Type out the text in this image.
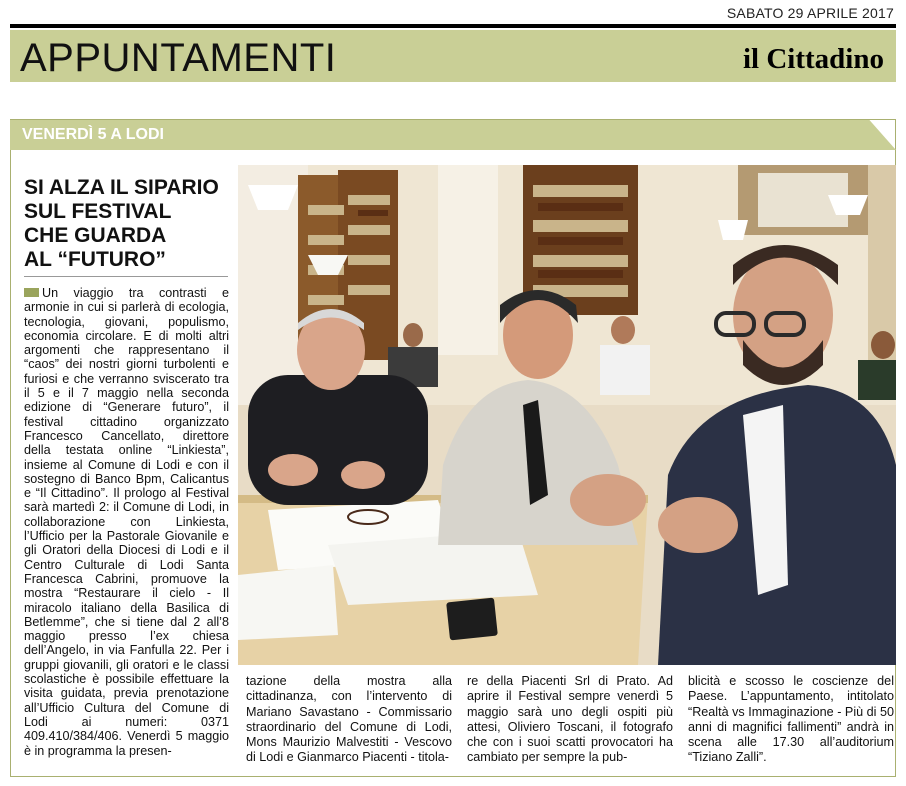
SABATO 29 APRILE 2017
APPUNTAMENTI	il Cittadino
VENERDÌ 5 A LODI
SI ALZA IL SIPARIO
SUL FESTIVAL
CHE GUARDA
AL “FUTURO”

Un viaggio tra contrasti e armonie in cui si parlerà di ecologia, tecnologia, giovani, populismo, economia circolare. E di molti altri argomenti che rappresentano il “caos” dei nostri giorni turbolenti e furiosi e che verranno sviscerato tra il 5 e il 7 maggio nella seconda edizione di “Generare futuro”, il festival cittadino organizzato Francesco Cancellato, direttore della testata online “Linkiesta”, insieme al Comune di Lodi e con il sostegno di Banco Bpm, Calicantus e “Il Cittadino”. Il prologo al Festival sarà martedì 2: il Comune di Lodi, in collaborazione con Linkiesta, l’Ufficio per la Pastorale Giovanile e gli Oratori della Diocesi di Lodi e il Centro Culturale di Lodi Santa Francesca Cabrini, promuove la mostra “Restaurare il cielo - Il miracolo italiano della Basilica di Betlemme”, che si tiene dal 2 all’8 maggio presso l’ex chiesa dell’Angelo, in via Fanfulla 22. Per i gruppi giovanili, gli oratori e le classi scolastiche è possibile effettuare la visita guidata, previa prenotazione all’Ufficio Cultura del Comune di Lodi ai numeri: 0371 409.410/384/406. Venerdì 5 maggio è in programma la presen-

tazione della mostra alla cittadinanza, con l’intervento di Mariano Savastano - Commissario straordinario del Comune di Lodi, Mons Maurizio Malvestiti - Vescovo di Lodi e Gianmarco Piacenti - titola-

re della Piacenti Srl di Prato. Ad aprire il Festival sempre venerdì 5 maggio sarà uno degli ospiti più attesi, Oliviero Toscani, il fotografo che con i suoi scatti provocatori ha cambiato per sempre la pub-

blicità e scosso le coscienze del Paese. L’appuntamento, intitolato “Realtà vs Immaginazione - Più di 50 anni di magnifici fallimenti” andrà in scena alle 17.30 all’auditorium “Tiziano Zalli”.
